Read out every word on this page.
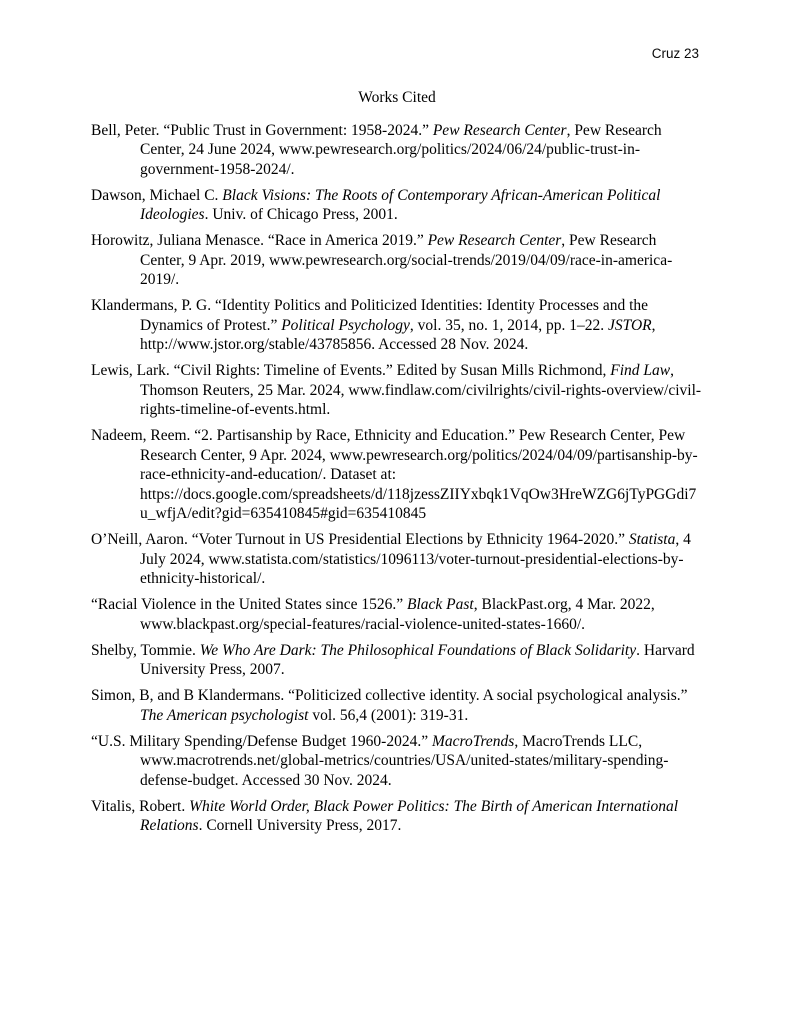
Cruz 23
Works Cited

Bell, Peter. “Public Trust in Government: 1958-2024.” Pew Research Center, Pew Research Center, 24 June 2024, www.pewresearch.org/politics/2024/06/24/public-trust-in-government-1958-2024/.

Dawson, Michael C. Black Visions: The Roots of Contemporary African-American Political Ideologies. Univ. of Chicago Press, 2001.

Horowitz, Juliana Menasce. “Race in America 2019.” Pew Research Center, Pew Research Center, 9 Apr. 2019, www.pewresearch.org/social-trends/2019/04/09/race-in-america-2019/.

Klandermans, P. G. “Identity Politics and Politicized Identities: Identity Processes and the Dynamics of Protest.” Political Psychology, vol. 35, no. 1, 2014, pp. 1–22. JSTOR, http://www.jstor.org/stable/43785856. Accessed 28 Nov. 2024.

Lewis, Lark. “Civil Rights: Timeline of Events.” Edited by Susan Mills Richmond, Find Law, Thomson Reuters, 25 Mar. 2024, www.findlaw.com/civilrights/civil-rights-overview/civil-rights-timeline-of-events.html.

Nadeem, Reem. “2. Partisanship by Race, Ethnicity and Education.” Pew Research Center, Pew Research Center, 9 Apr. 2024, www.pewresearch.org/politics/2024/04/09/partisanship-by-race-ethnicity-and-education/. Dataset at: https://docs.google.com/spreadsheets/d/118jzessZIIYxbqk1VqOw3HreWZG6jTyPGGdi7u_wfjA/edit?gid=635410845#gid=635410845

O’Neill, Aaron. “Voter Turnout in US Presidential Elections by Ethnicity 1964-2020.” Statista, 4 July 2024, www.statista.com/statistics/1096113/voter-turnout-presidential-elections-by-ethnicity-historical/.

“Racial Violence in the United States since 1526.” Black Past, BlackPast.org, 4 Mar. 2022, www.blackpast.org/special-features/racial-violence-united-states-1660/.

Shelby, Tommie. We Who Are Dark: The Philosophical Foundations of Black Solidarity. Harvard University Press, 2007.

Simon, B, and B Klandermans. “Politicized collective identity. A social psychological analysis.” The American psychologist vol. 56,4 (2001): 319-31.

“U.S. Military Spending/Defense Budget 1960-2024.” MacroTrends, MacroTrends LLC, www.macrotrends.net/global-metrics/countries/USA/united-states/military-spending-defense-budget. Accessed 30 Nov. 2024.

Vitalis, Robert. White World Order, Black Power Politics: The Birth of American International Relations. Cornell University Press, 2017.
